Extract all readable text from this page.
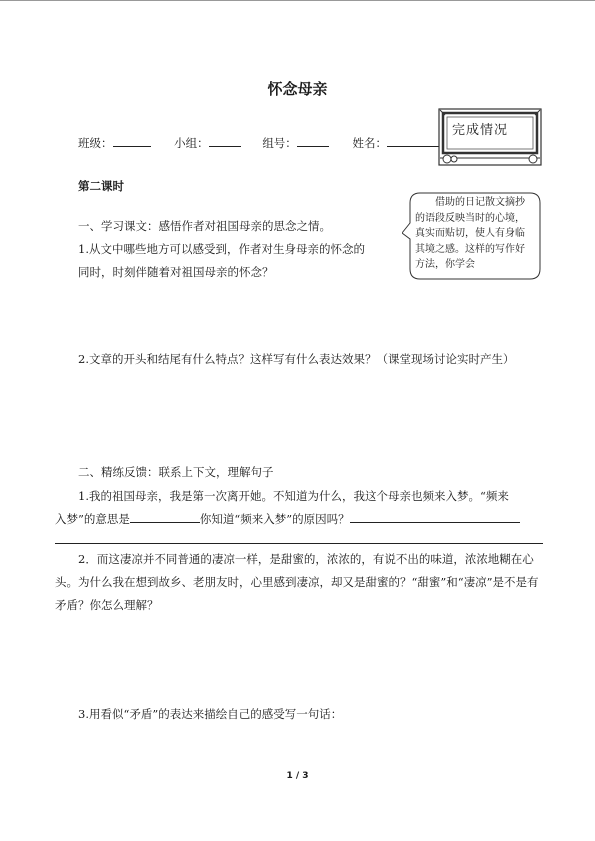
怀念母亲
班级：	小组：	组号：	姓名：
完成情况
第二课时
一、学习课文：感悟作者对祖国母亲的思念之情。
1.从文中哪些地方可以感受到，作者对生身母亲的怀念的同时，时刻伴随着对祖国母亲的怀念？
借助的日记散文摘抄的语段反映当时的心境，真实而贴切，使人有身临其境之感。这样的写作好方法，你学会
2.文章的开头和结尾有什么特点？这样写有什么表达效果？（课堂现场讨论实时产生）
二、精练反馈：联系上下文，理解句子
1.我的祖国母亲，我是第一次离开她。不知道为什么，我这个母亲也频来入梦。“频来
入梦”的意思是	你知道“频来入梦”的原因吗？
2．而这凄凉并不同普通的凄凉一样，是甜蜜的，浓浓的，有说不出的味道，浓浓地糊在心头。为什么我在想到故乡、老朋友时，心里感到凄凉，却又是甜蜜的？“甜蜜”和“凄凉”是不是有矛盾？你怎么理解？
3.用看似“矛盾”的表达来描绘自己的感受写一句话：
1 / 3
